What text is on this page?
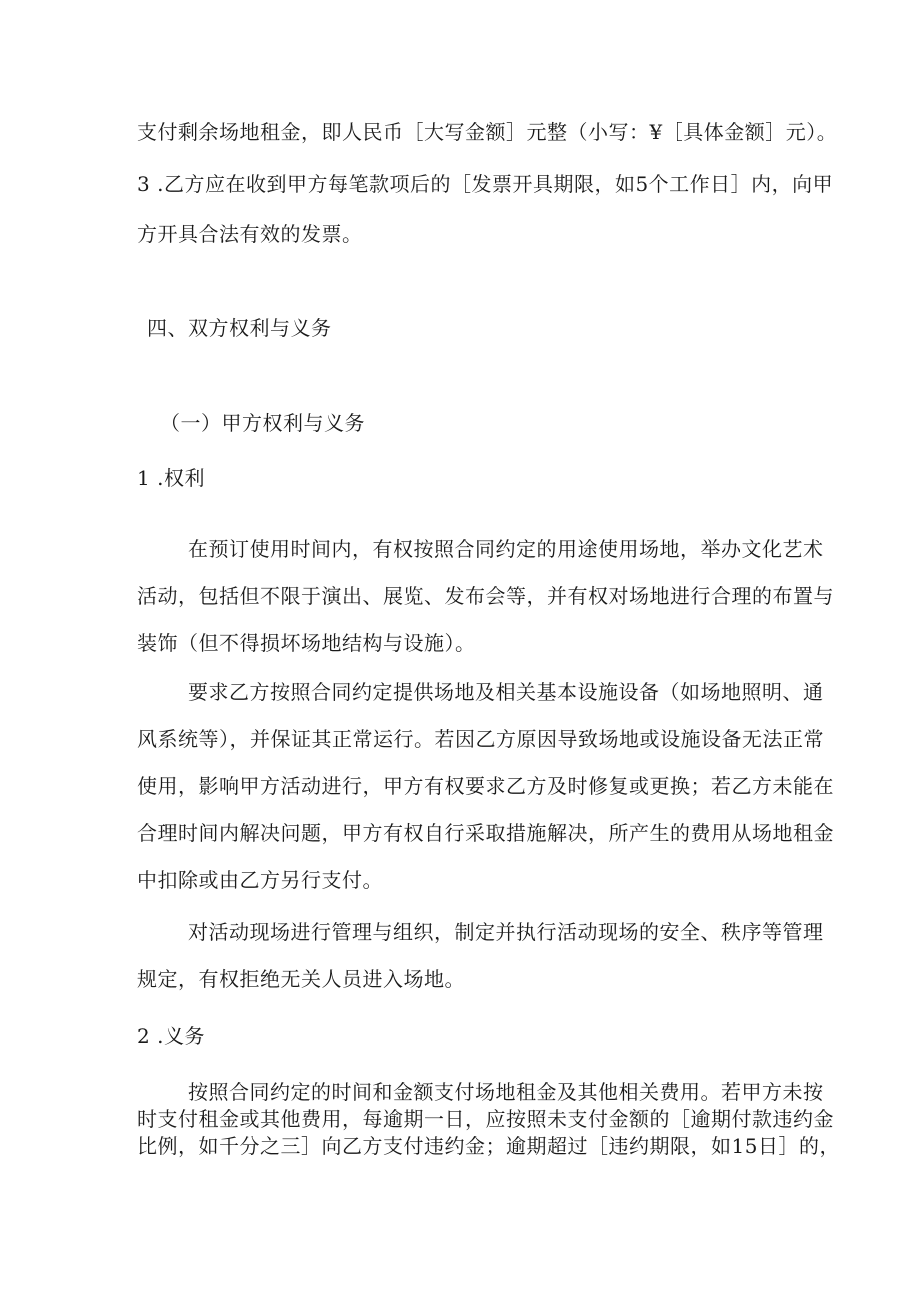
支付剩余场地租金，即人民币［大写金额］元整（小写：¥［具体金额］元）。
3 .乙方应在收到甲方每笔款项后的［发票开具期限，如5个工作日］内，向甲
方开具合法有效的发票。
四、双方权利与义务
（一）甲方权利与义务
1 .权利
在预订使用时间内，有权按照合同约定的用途使用场地，举办文化艺术
活动，包括但不限于演出、展览、发布会等，并有权对场地进行合理的布置与
装饰（但不得损坏场地结构与设施）。
要求乙方按照合同约定提供场地及相关基本设施设备（如场地照明、通
风系统等），并保证其正常运行。若因乙方原因导致场地或设施设备无法正常
使用，影响甲方活动进行，甲方有权要求乙方及时修复或更换；若乙方未能在
合理时间内解决问题，甲方有权自行采取措施解决，所产生的费用从场地租金
中扣除或由乙方另行支付。
对活动现场进行管理与组织，制定并执行活动现场的安全、秩序等管理
规定，有权拒绝无关人员进入场地。
2 .义务
按照合同约定的时间和金额支付场地租金及其他相关费用。若甲方未按
时支付租金或其他费用，每逾期一日，应按照未支付金额的［逾期付款违约金
比例，如千分之三］向乙方支付违约金；逾期超过［违约期限，如15日］的，
